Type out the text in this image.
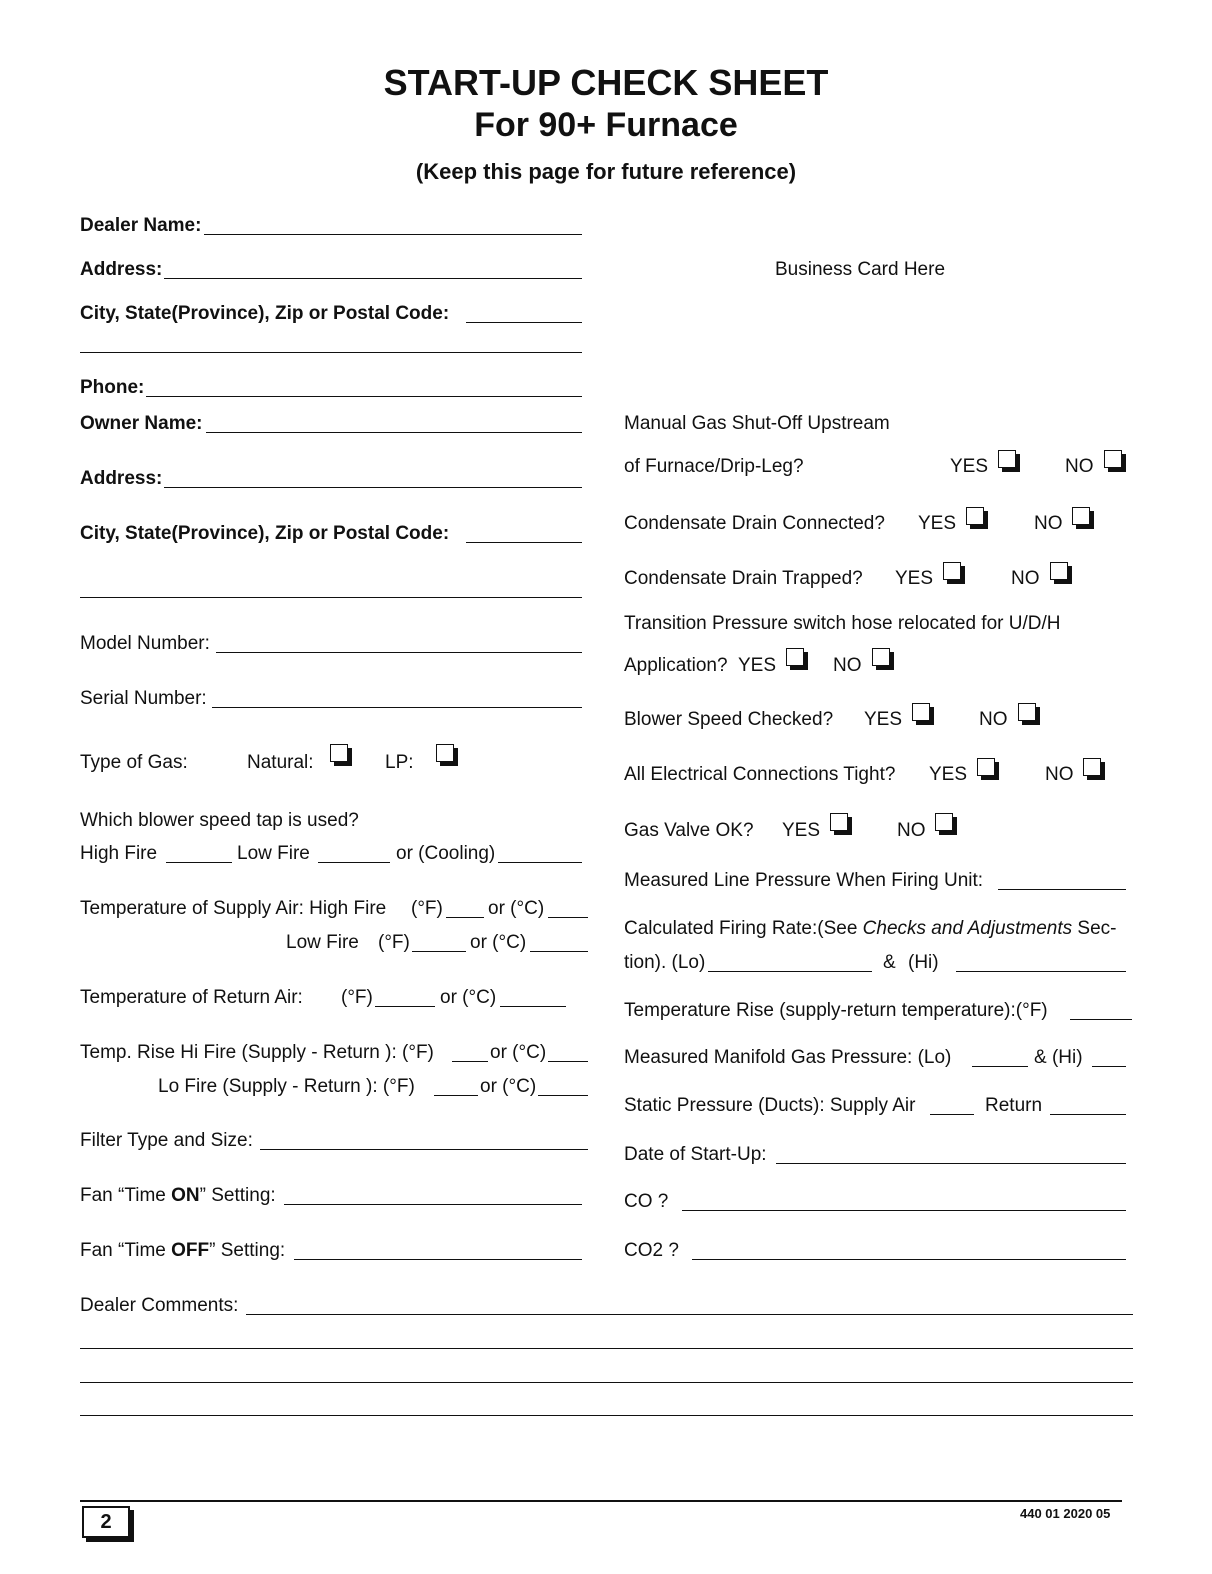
START-UP CHECK SHEET
For 90+ Furnace
(Keep this page for future reference)
Dealer Name:
Address:
City, State(Province), Zip or Postal Code:
Phone:
Owner Name:
Address:
City, State(Province), Zip or Postal Code:
Model Number:
Serial Number:
Type of Gas:	Natural:	LP:
Which blower speed tap is used?
High Fire	Low Fire	or (Cooling)
Temperature of Supply Air: High Fire (°F) or (°C)
Low Fire (°F)	or (°C)
Temperature of Return Air: (°F)	or (°C)
Temp. Rise Hi Fire (Supply - Return ): (°F)	or (°C)
Lo Fire (Supply - Return ): (°F)	or (°C)
Filter Type and Size:
Fan “Time ON” Setting:
Fan “Time OFF” Setting:
Dealer Comments:
Business Card Here
Manual Gas Shut-Off Upstream
of Furnace/Drip-Leg?	YES	NO
Condensate Drain Connected? YES	NO
Condensate Drain Trapped? YES	NO
Transition Pressure switch hose relocated for U/D/H
Application? YES	NO
Blower Speed Checked? YES	NO
All Electrical Connections Tight? YES	NO
Gas Valve OK? YES	NO
Measured Line Pressure When Firing Unit:
Calculated Firing Rate:(See Checks and Adjustments Sec-
tion). (Lo)	& (Hi)
Temperature Rise (supply-return temperature):(°F)
Measured Manifold Gas Pressure: (Lo)	& (Hi)
Static Pressure (Ducts): Supply Air	Return
Date of Start-Up:
CO ?
CO2 ?
2	440 01 2020 05
